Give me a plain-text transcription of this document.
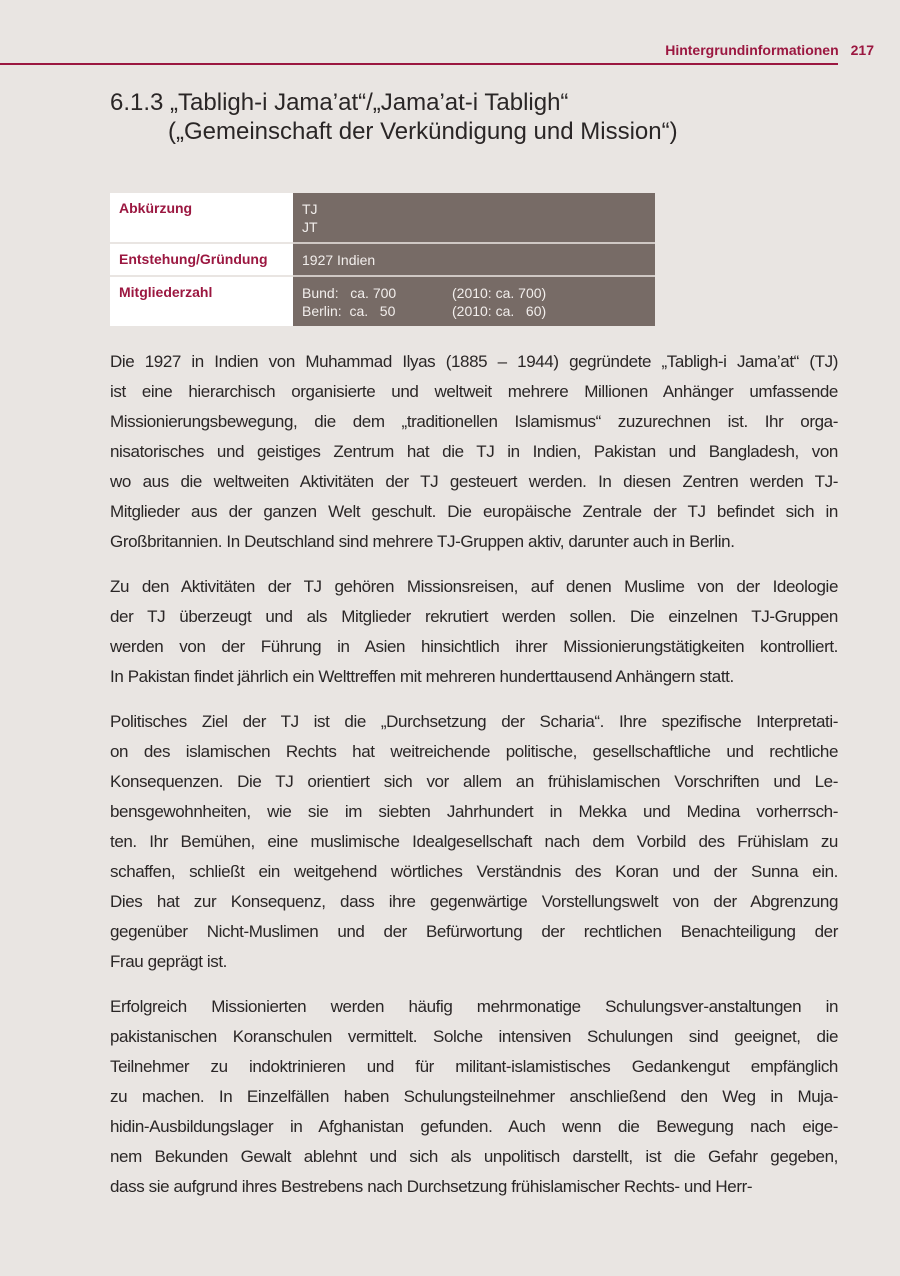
Hintergrundinformationen 217
6.1.3 „Tabligh-i Jama’at“/„Jama’at-i Tabligh“
(„Gemeinschaft der Verkündigung und Mission“)
Abkürzung	TJ
JT

Entstehung/Gründung	1927 Indien
Mitgliederzahl	Bund:   ca. 700 (2010: ca. 700)
Berlin:  ca.   50 (2010: ca.   60)
Die 1927 in Indien von Muhammad Ilyas (1885 – 1944) gegründete „Tabligh-i Jama’at“ (TJ)
ist eine hierarchisch organisierte und weltweit mehrere Millionen Anhänger umfassende
Missionierungsbewegung, die dem „traditionellen Islamismus“ zuzurechnen ist. Ihr orga-
nisatorisches und geistiges Zentrum hat die TJ in Indien, Pakistan und Bangladesh, von
wo aus die weltweiten Aktivitäten der TJ gesteuert werden. In diesen Zentren werden TJ-
Mitglieder aus der ganzen Welt geschult. Die europäische Zentrale der TJ befindet sich in
Großbritannien. In Deutschland sind mehrere TJ-Gruppen aktiv, darunter auch in Berlin.
Zu den Aktivitäten der TJ gehören Missionsreisen, auf denen Muslime von der Ideologie
der TJ überzeugt und als Mitglieder rekrutiert werden sollen. Die einzelnen TJ-Gruppen
werden von der Führung in Asien hinsichtlich ihrer Missionierungstätigkeiten kontrolliert.
In Pakistan findet jährlich ein Welttreffen mit mehreren hunderttausend Anhängern statt.
Politisches Ziel der TJ ist die „Durchsetzung der Scharia“. Ihre spezifische Interpretati-
on des islamischen Rechts hat weitreichende politische, gesellschaftliche und rechtliche
Konsequenzen. Die TJ orientiert sich vor allem an frühislamischen Vorschriften und Le-
bensgewohnheiten, wie sie im siebten Jahrhundert in Mekka und Medina vorherrsch-
ten. Ihr Bemühen, eine muslimische Idealgesellschaft nach dem Vorbild des Frühislam zu
schaffen, schließt ein weitgehend wörtliches Verständnis des Koran und der Sunna ein.
Dies hat zur Konsequenz, dass ihre gegenwärtige Vorstellungswelt von der Abgrenzung
gegenüber Nicht-Muslimen und der Befürwortung der rechtlichen Benachteiligung der
Frau geprägt ist.
Erfolgreich Missionierten werden häufig mehrmonatige Schulungsver-anstaltungen in
pakistanischen Koranschulen vermittelt. Solche intensiven Schulungen sind geeignet, die
Teilnehmer zu indoktrinieren und für militant-islamistisches Gedankengut empfänglich
zu machen. In Einzelfällen haben Schulungsteilnehmer anschließend den Weg in Muja-
hidin-Ausbildungslager in Afghanistan gefunden. Auch wenn die Bewegung nach eige-
nem Bekunden Gewalt ablehnt und sich als unpolitisch darstellt, ist die Gefahr gegeben,
dass sie aufgrund ihres Bestrebens nach Durchsetzung frühislamischer Rechts- und Herr-
